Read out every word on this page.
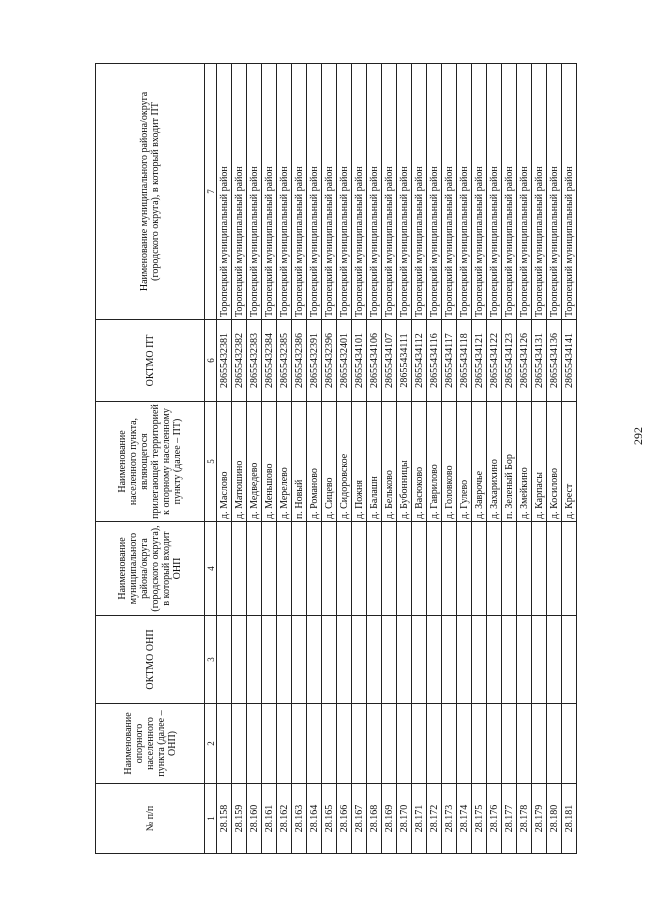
292
№ п/п	Наименование опорного населенного пункта (далее – ОНП)	ОКТМО ОНП	Наименование муниципального района/округа (городского округа), в который входит ОНП	Наименование населенного пункта, являющегося прилегающей территорией к опорному населенному пункту (далее – ПТ)	ОКТМО ПТ	Наименование муниципального района/округа (городского округа), в который входит ПТ
1	2	3	4	5	6	7
28.158				д. Маслово	28655432381	Торопецкий муниципальный район
28.159				д. Матюшино	28655432382	Торопецкий муниципальный район
28.160				д. Медведево	28655432383	Торопецкий муниципальный район
28.161				д. Меньшово	28655432384	Торопецкий муниципальный район
28.162				д. Мерелево	28655432385	Торопецкий муниципальный район
28.163				п. Новый	28655432386	Торопецкий муниципальный район
28.164				д. Романово	28655432391	Торопецкий муниципальный район
28.165				д. Сицево	28655432396	Торопецкий муниципальный район
28.166				д. Сидоровское	28655432401	Торопецкий муниципальный район
28.167				д. Пожня	28655434101	Торопецкий муниципальный район
28.168				д. Балашн	28655434106	Торопецкий муниципальный район
28.169				д. Бельково	28655434107	Торопецкий муниципальный район
28.170				д. Бубонницы	28655434111	Торопецкий муниципальный район
28.171				д. Васюково	28655434112	Торопецкий муниципальный район
28.172				д. Гаврилово	28655434116	Торопецкий муниципальный район
28.173				д. Головково	28655434117	Торопецкий муниципальный район
28.174				д. Гулево	28655434118	Торопецкий муниципальный район
28.175				д. Заврочье	28655434121	Торопецкий муниципальный район
28.176				д. Захарихино	28655434122	Торопецкий муниципальный район
28.177				п. Зеленый Бор	28655434123	Торопецкий муниципальный район
28.178				д. Змейкино	28655434126	Торопецкий муниципальный район
28.179				д. Карпасы	28655434131	Торопецкий муниципальный район
28.180				д. Косилово	28655434136	Торопецкий муниципальный район
28.181				д. Крест	28655434141	Торопецкий муниципальный район
